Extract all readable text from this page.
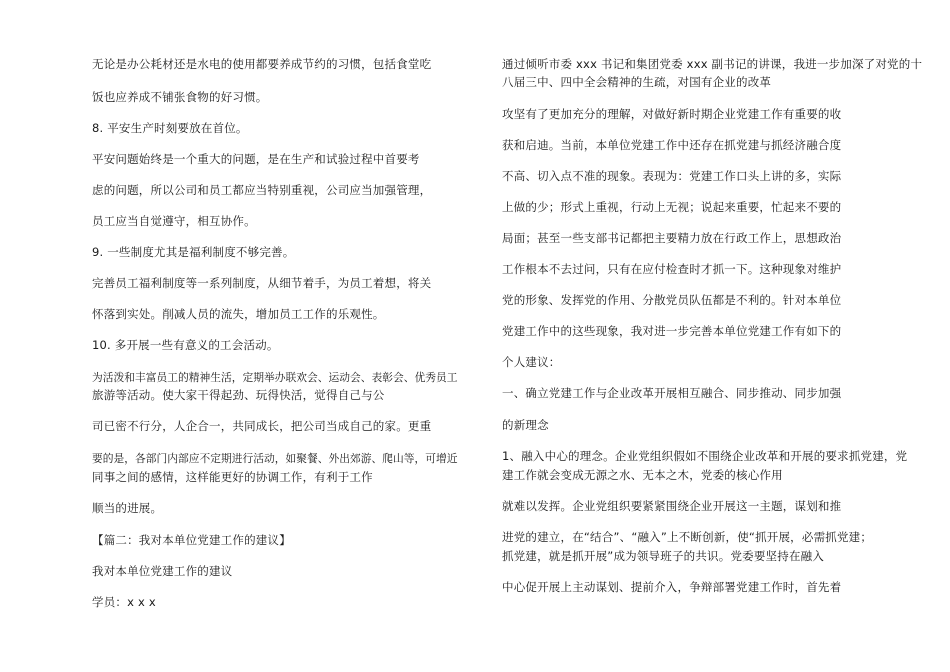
无论是办公耗材还是水电的使用都要养成节约的习惯，包括食堂吃

饭也应养成不铺张食物的好习惯。

8. 平安生产时刻要放在首位。

平安问题始终是一个重大的问题，是在生产和试验过程中首要考

虑的问题，所以公司和员工都应当特别重视，公司应当加强管理，

员工应当自觉遵守，相互协作。

9. 一些制度尤其是福利制度不够完善。

完善员工福利制度等一系列制度，从细节着手，为员工着想，将关

怀落到实处。削减人员的流失，增加员工工作的乐观性。

10. 多开展一些有意义的工会活动。

为活泼和丰富员工的精神生活，定期举办联欢会、运动会、表彰会、优秀员工

旅游等活动。使大家干得起劲、玩得快活，觉得自己与公

司已密不行分，人企合一，共同成长，把公司当成自己的家。更重

要的是，各部门内部应不定期进行活动，如聚餐、外出郊游、爬山等，可增近

同事之间的感情，这样能更好的协调工作，有利于工作

顺当的进展。

【篇二：我对本单位党建工作的建议】

我对本单位党建工作的建议

学员：x x x

通过倾听市委 xxx 书记和集团党委 xxx 副书记的讲课，我进一步加深了对党的十

八届三中、四中全会精神的生疏，对国有企业的改革

攻坚有了更加充分的理解，对做好新时期企业党建工作有重要的收

获和启迪。当前，本单位党建工作中还存在抓党建与抓经济融合度

不高、切入点不准的现象。表现为：党建工作口头上讲的多，实际

上做的少；形式上重视，行动上无视；说起来重要，忙起来不要的

局面；甚至一些支部书记都把主要精力放在行政工作上，思想政治

工作根本不去过问，只有在应付检查时才抓一下。这种现象对维护

党的形象、发挥党的作用、分散党员队伍都是不利的。针对本单位

党建工作中的这些现象，我对进一步完善本单位党建工作有如下的

个人建议：

一、确立党建工作与企业改革开展相互融合、同步推动、同步加强

的新理念

1、融入中心的理念。企业党组织假如不围绕企业改革和开展的要求抓党建，党

建工作就会变成无源之水、无本之木，党委的核心作用

就难以发挥。企业党组织要紧紧围绕企业开展这一主题，谋划和推

进党的建立，在“结合”、“融入”上不断创新，使“抓开展，必需抓党建；

抓党建，就是抓开展”成为领导班子的共识。党委要坚持在融入

中心促开展上主动谋划、提前介入，争辩部署党建工作时，首先着
